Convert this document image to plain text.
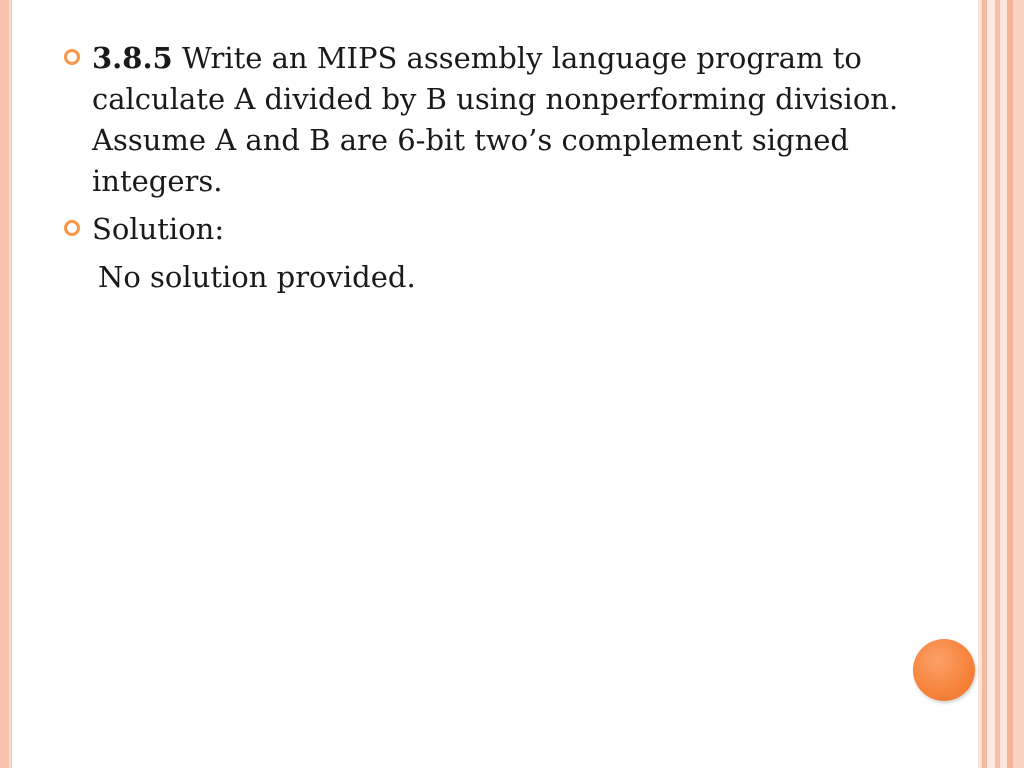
3.8.5 Write an MIPS assembly language program to calculate A divided by B using nonperforming division. Assume A and B are 6-bit two’s complement signed integers.
Solution:
No solution provided.
